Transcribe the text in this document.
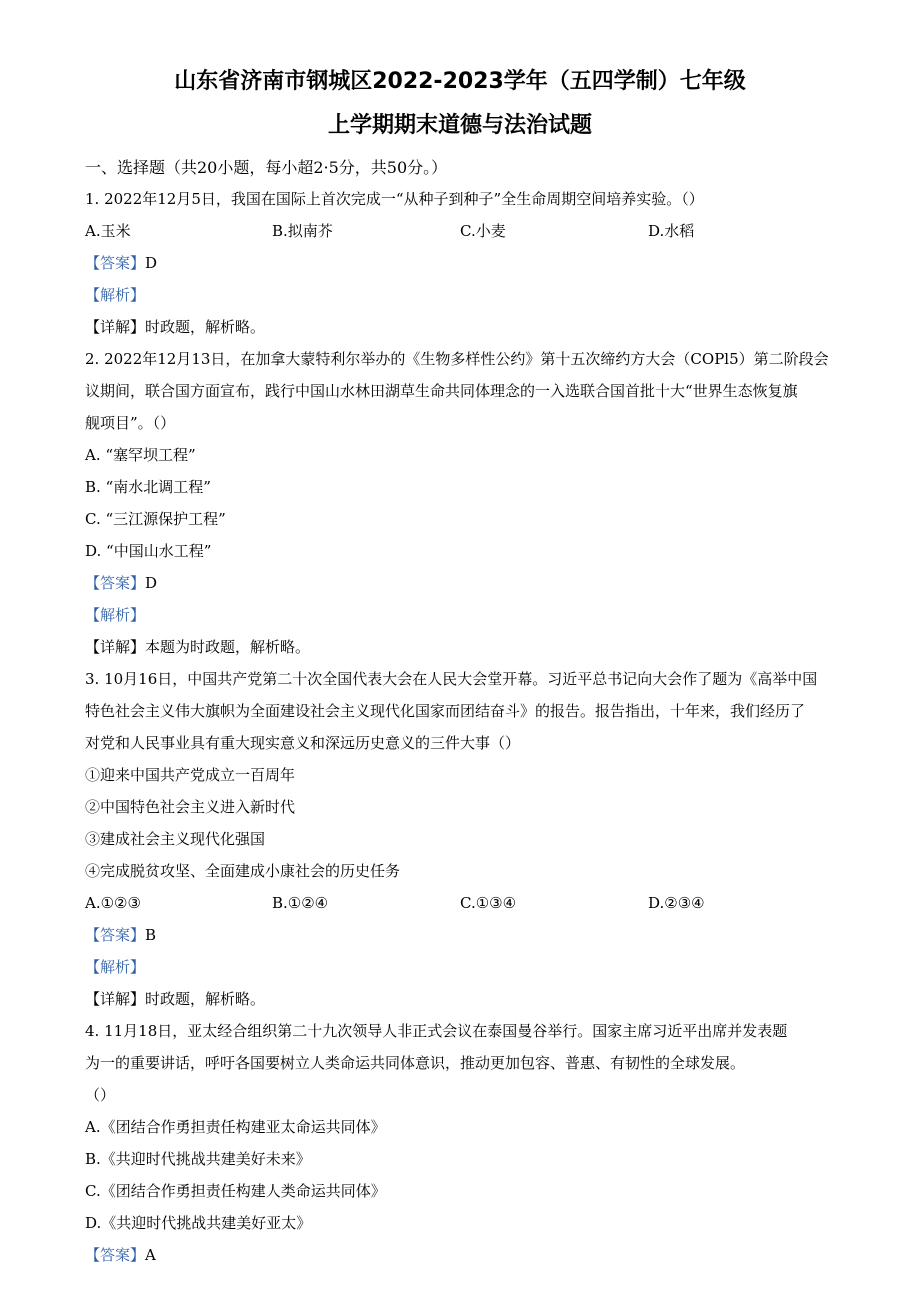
山东省济南市钢城区2022-2023学年（五四学制）七年级
上学期期末道德与法治试题
一、选择题（共20小题，每小超2·5分，共50分。）
1. 2022年12月5日，我国在国际上首次完成一“从种子到种子”全生命周期空间培养实验。（）
A.玉米	B.拟南芥	C.小麦	D.水稻
【答案】D
【解析】
【详解】时政题，解析略。
2. 2022年12月13日，在加拿大蒙特利尔举办的《生物多样性公约》第十五次缔约方大会（COPl5）第二阶段会
议期间，联合国方面宣布，践行中国山水林田湖草生命共同体理念的一入选联合国首批十大“世界生态恢复旗
舰项目”。（）
A. “塞罕坝工程”
B. “南水北调工程”
C. “三江源保护工程”
D. “中国山水工程”
【答案】D
【解析】
【详解】本题为时政题，解析略。
3. 10月16日，中国共产党第二十次全国代表大会在人民大会堂开幕。习近平总书记向大会作了题为《高举中国
特色社会主义伟大旗帜为全面建设社会主义现代化国家而团结奋斗》的报告。报告指出，十年来，我们经历了
对党和人民事业具有重大现实意义和深远历史意义的三件大事（）
①迎来中国共产党成立一百周年
②中国特色社会主义进入新时代
③建成社会主义现代化强国
④完成脱贫攻坚、全面建成小康社会的历史任务
A.①②③	B.①②④	C.①③④	D.②③④
【答案】B
【解析】
【详解】时政题，解析略。
4. 11月18日，亚太经合组织第二十九次领导人非正式会议在泰国曼谷举行。国家主席习近平出席并发表题
为一的重要讲话，呼吁各国要树立人类命运共同体意识，推动更加包容、普惠、有韧性的全球发展。
（）
A.《团结合作勇担责任构建亚太命运共同体》
B.《共迎时代挑战共建美好未来》
C.《团结合作勇担责任构建人类命运共同体》
D.《共迎时代挑战共建美好亚太》
【答案】A
